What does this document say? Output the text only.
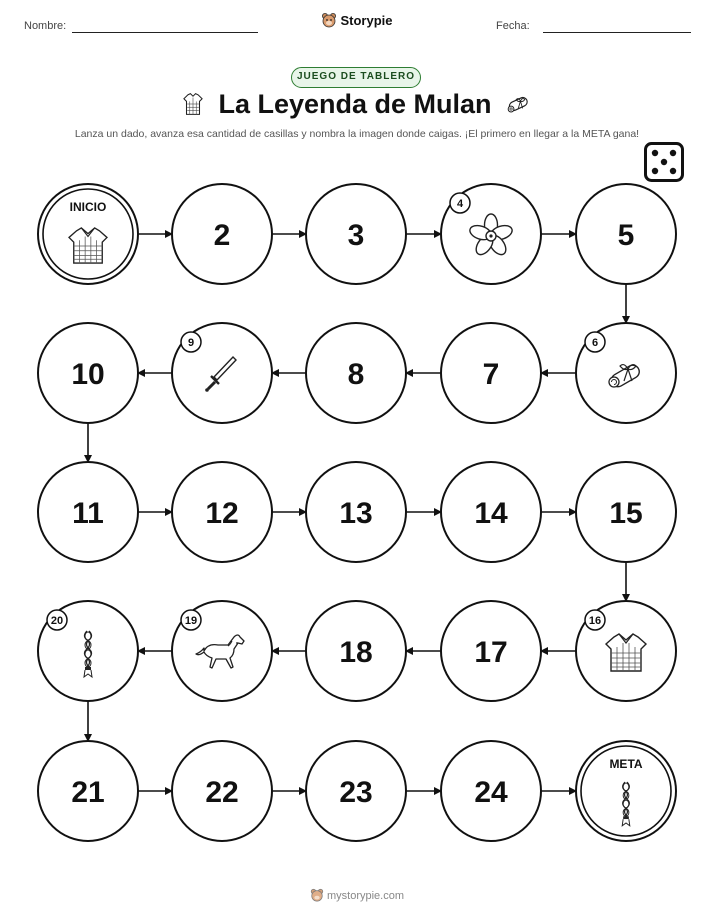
Nombre:	Storypie	Fecha:
JUEGO DE TABLERO
La Leyenda de Mulan
Lanza un dado, avanza esa cantidad de casillas y nombra la imagen donde caigas. ¡El primero en llegar a la META gana!
INICIO
2	3
4
5
6
7
8
9
10
11	12	13	14	15
16
17
18
19
20
21	22	23	24
META
mystorypie.com
